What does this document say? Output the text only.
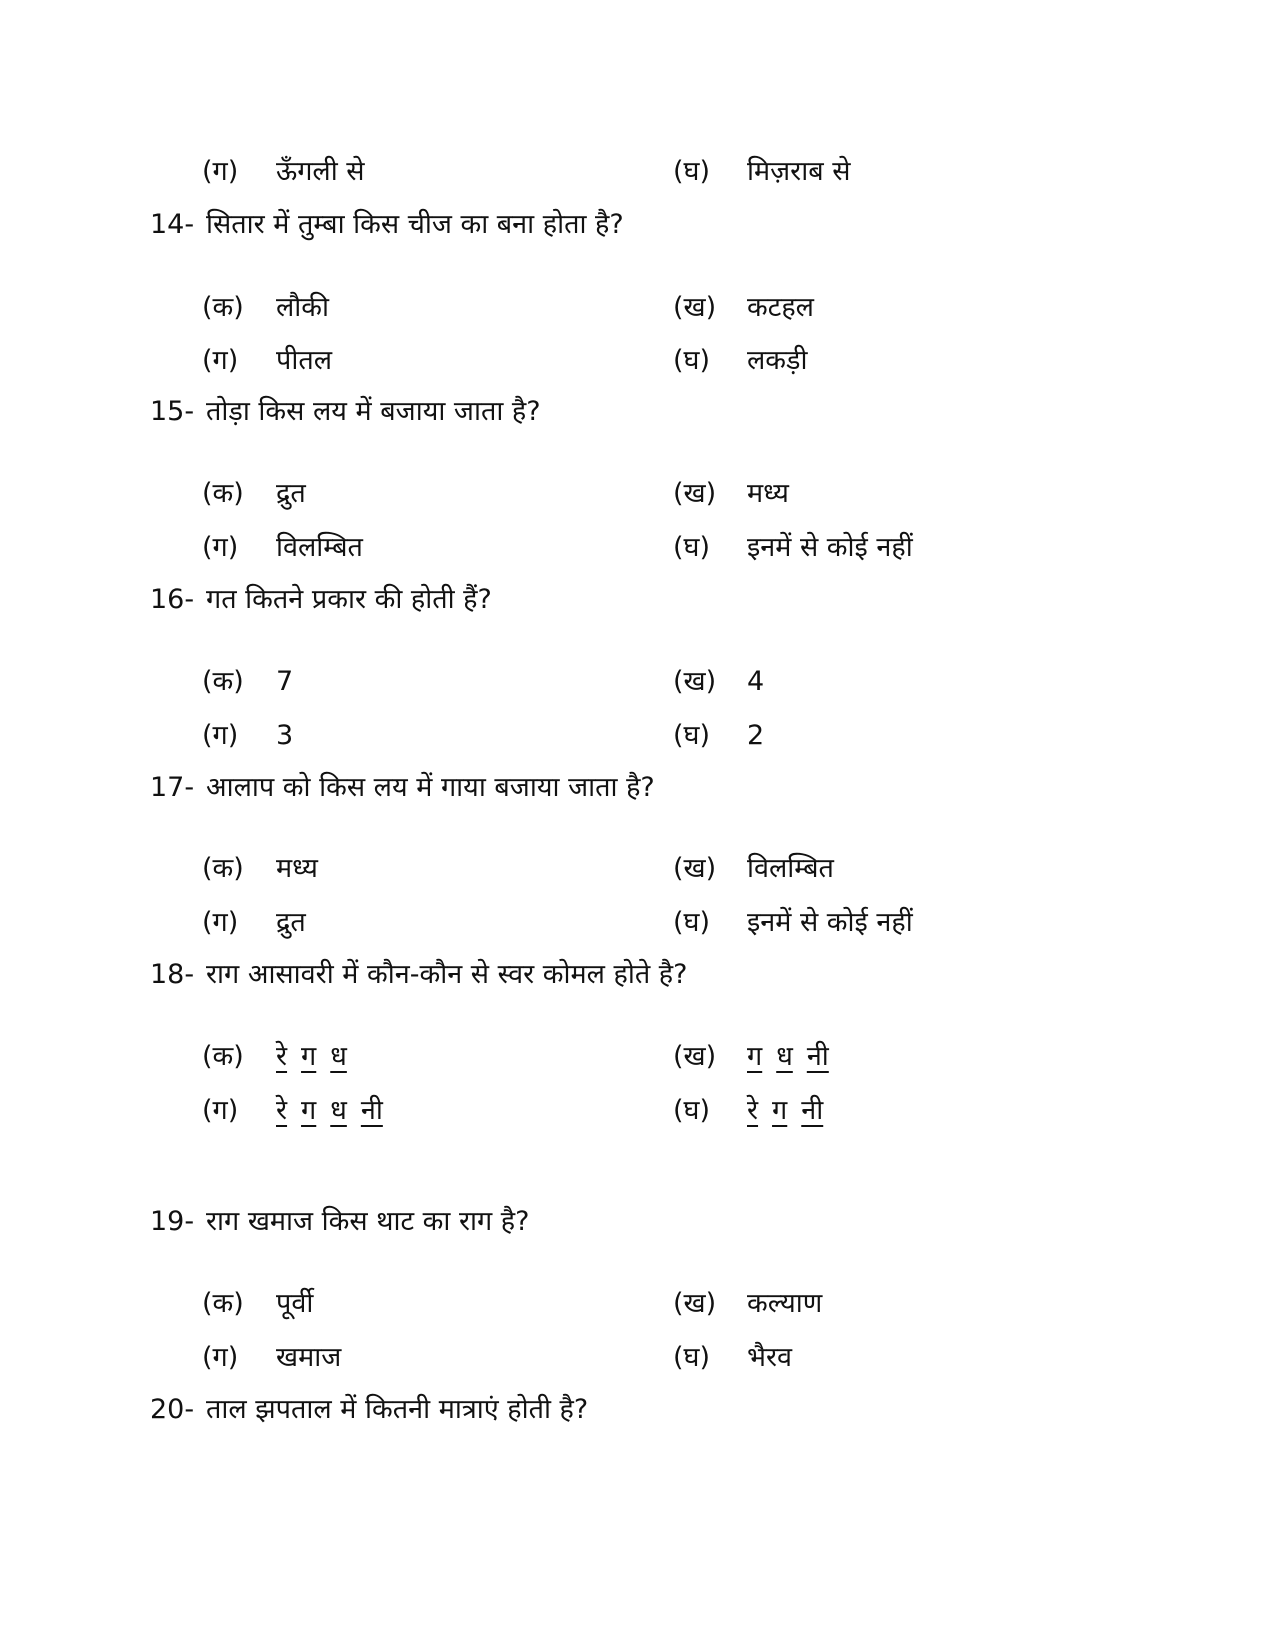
(ग) ऊँगली से	(घ) मिज़राब से
14- सितार में तुम्बा किस चीज का बना होता है?
(क) लौकी	(ख) कटहल
(ग) पीतल	(घ) लकड़ी
15- तोड़ा किस लय में बजाया जाता है?
(क) द्रुत	(ख) मध्य
(ग) विलम्बित	(घ) इनमें से कोई नहीं
16- गत कितने प्रकार की होती हैं?
(क) 7	(ख) 4
(ग) 3	(घ) 2
17- आलाप को किस लय में गाया बजाया जाता है?
(क) मध्य	(ख) विलम्बित
(ग) द्रुत	(घ) इनमें से कोई नहीं
18- राग आसावरी में कौन-कौन से स्वर कोमल होते है?
(क) रे ग ध	(ख) ग ध नी
(ग) रे ग ध नी	(घ) रे ग नी
19- राग खमाज किस थाट का राग है?
(क) पूर्वी	(ख) कल्याण
(ग) खमाज	(घ) भैरव
20- ताल झपताल में कितनी मात्राएं होती है?
